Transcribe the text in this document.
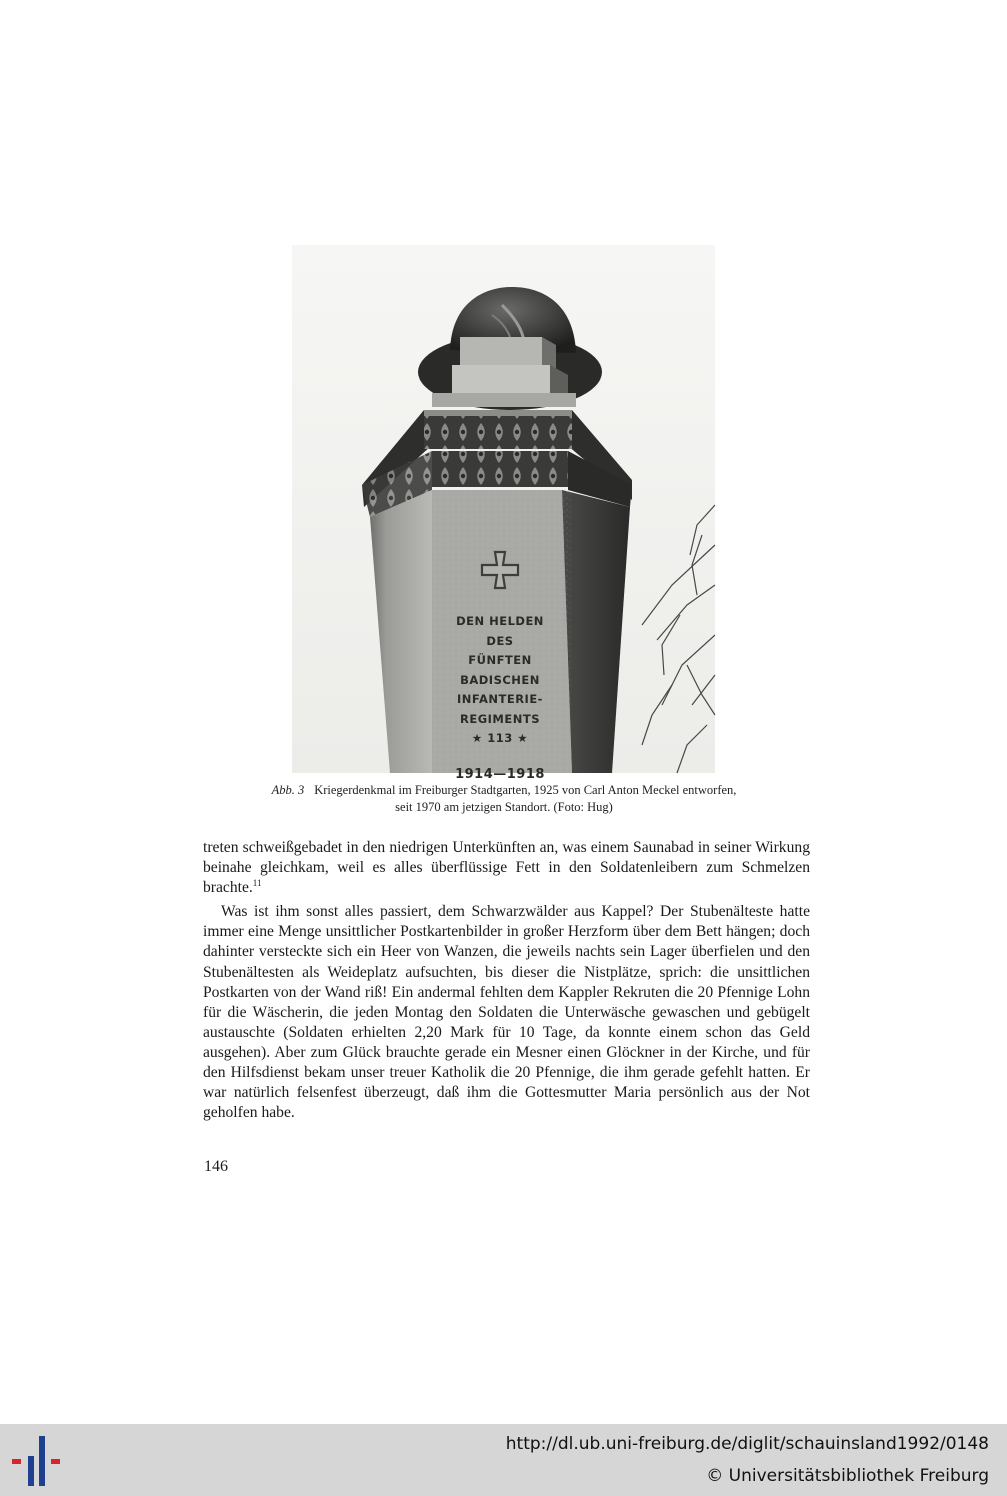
DEN HELDEN
DES
FÜNFTEN
BADISCHEN
INFANTERIE-
REGIMENTS
★ 113 ★
1914—1918
Abb. 3 Kriegerdenkmal im Freiburger Stadtgarten, 1925 von Carl Anton Meckel entworfen,
seit 1970 am jetzigen Standort. (Foto: Hug)

treten schweißgebadet in den niedrigen Unterkünften an, was einem Saunabad in seiner Wirkung beinahe gleichkam, weil es alles überflüssige Fett in den Soldatenleibern zum Schmelzen brachte.$^{11}$

Was ist ihm sonst alles passiert, dem Schwarzwälder aus Kappel? Der Stubenälteste hatte immer eine Menge unsittlicher Postkartenbilder in großer Herzform über dem Bett hängen; doch dahinter versteckte sich ein Heer von Wanzen, die jeweils nachts sein Lager überfielen und den Stubenältesten als Weideplatz aufsuchten, bis dieser die Nistplätze, sprich: die unsittlichen Postkarten von der Wand riß! Ein andermal fehlten dem Kappler Rekruten die 20 Pfennige Lohn für die Wäscherin, die jeden Montag den Soldaten die Unterwäsche gewaschen und gebügelt austauschte (Soldaten erhielten 2,20 Mark für 10 Tage, da konnte einem schon das Geld ausgehen). Aber zum Glück brauchte gerade ein Mesner einen Glöckner in der Kirche, und für den Hilfsdienst bekam unser treuer Katholik die 20 Pfennige, die ihm gerade gefehlt hatten. Er war natürlich felsenfest überzeugt, daß ihm die Gottesmutter Maria persönlich aus der Not geholfen habe.

146
http://dl.ub.uni-freiburg.de/diglit/schauinsland1992/0148
© Universitätsbibliothek Freiburg
